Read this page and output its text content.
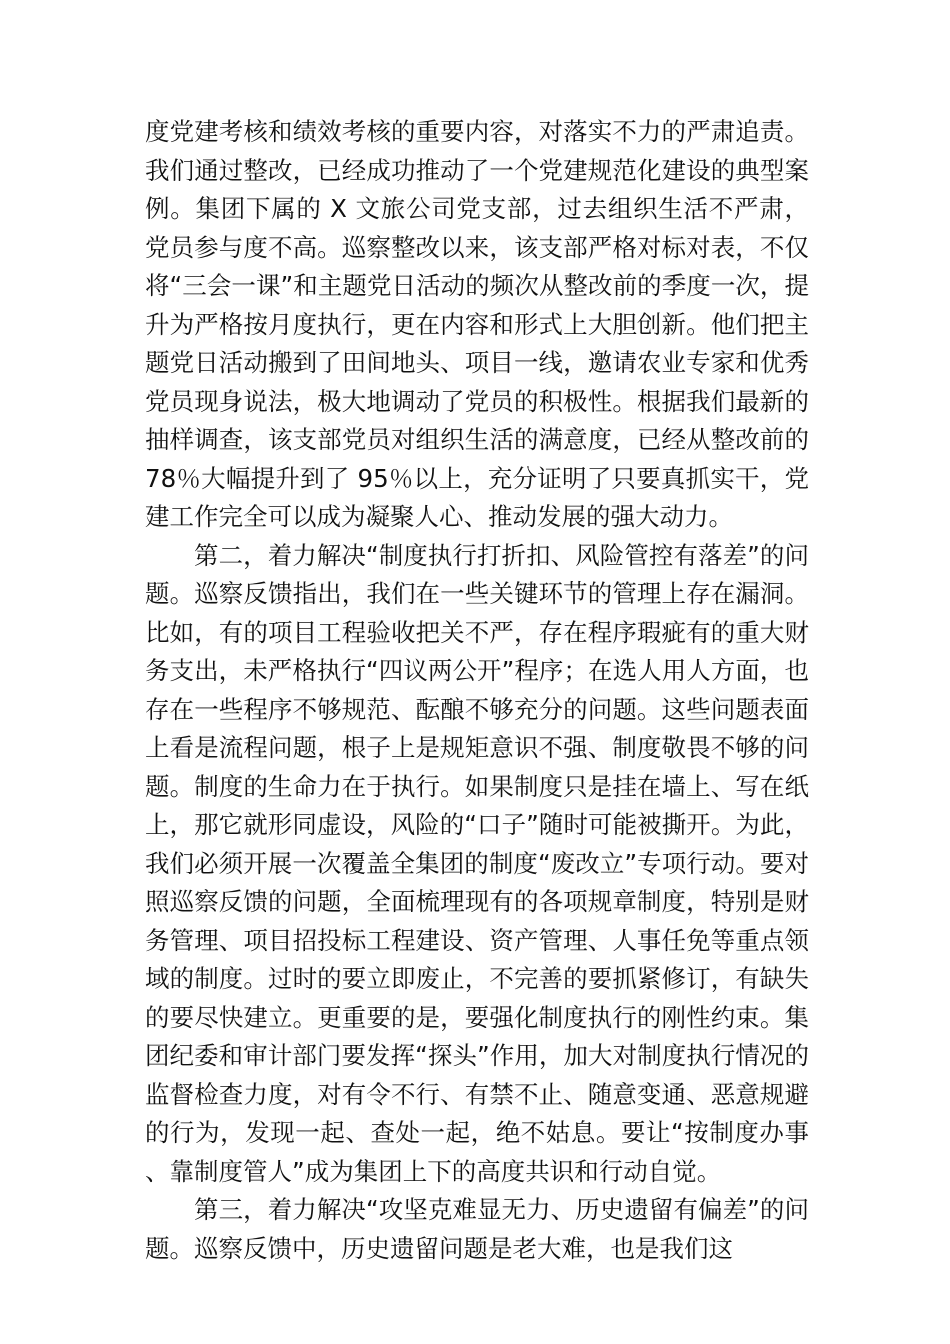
度党建考核和绩效考核的重要内容，对落实不力的严肃追责。我们通过整改，已经成功推动了一个党建规范化建设的典型案例。集团下属的 X 文旅公司党支部，过去组织生活不严肃，党员参与度不高。巡察整改以来，该支部严格对标对表，不仅将“三会一课”和主题党日活动的频次从整改前的季度一次，提升为严格按月度执行，更在内容和形式上大胆创新。他们把主题党日活动搬到了田间地头、项目一线，邀请农业专家和优秀党员现身说法，极大地调动了党员的积极性。根据我们最新的抽样调查，该支部党员对组织生活的满意度，已经从整改前的 78％大幅提升到了 95％以上，充分证明了只要真抓实干，党建工作完全可以成为凝聚人心、推动发展的强大动力。

第二，着力解决“制度执行打折扣、风险管控有落差”的问题。巡察反馈指出，我们在一些关键环节的管理上存在漏洞。比如，有的项目工程验收把关不严，存在程序瑕疵有的重大财务支出，未严格执行“四议两公开”程序；在选人用人方面，也存在一些程序不够规范、酝酿不够充分的问题。这些问题表面上看是流程问题，根子上是规矩意识不强、制度敬畏不够的问题。制度的生命力在于执行。如果制度只是挂在墙上、写在纸上，那它就形同虚设，风险的“口子”随时可能被撕开。为此，我们必须开展一次覆盖全集团的制度“废改立”专项行动。要对照巡察反馈的问题，全面梳理现有的各项规章制度，特别是财务管理、项目招投标工程建设、资产管理、人事任免等重点领域的制度。过时的要立即废止，不完善的要抓紧修订，有缺失的要尽快建立。更重要的是，要强化制度执行的刚性约束。集团纪委和审计部门要发挥“探头”作用，加大对制度执行情况的监督检查力度，对有令不行、有禁不止、随意变通、恶意规避的行为，发现一起、查处一起，绝不姑息。要让“按制度办事、靠制度管人”成为集团上下的高度共识和行动自觉。

第三，着力解决“攻坚克难显无力、历史遗留有偏差”的问题。巡察反馈中，历史遗留问题是老大难，也是我们这
